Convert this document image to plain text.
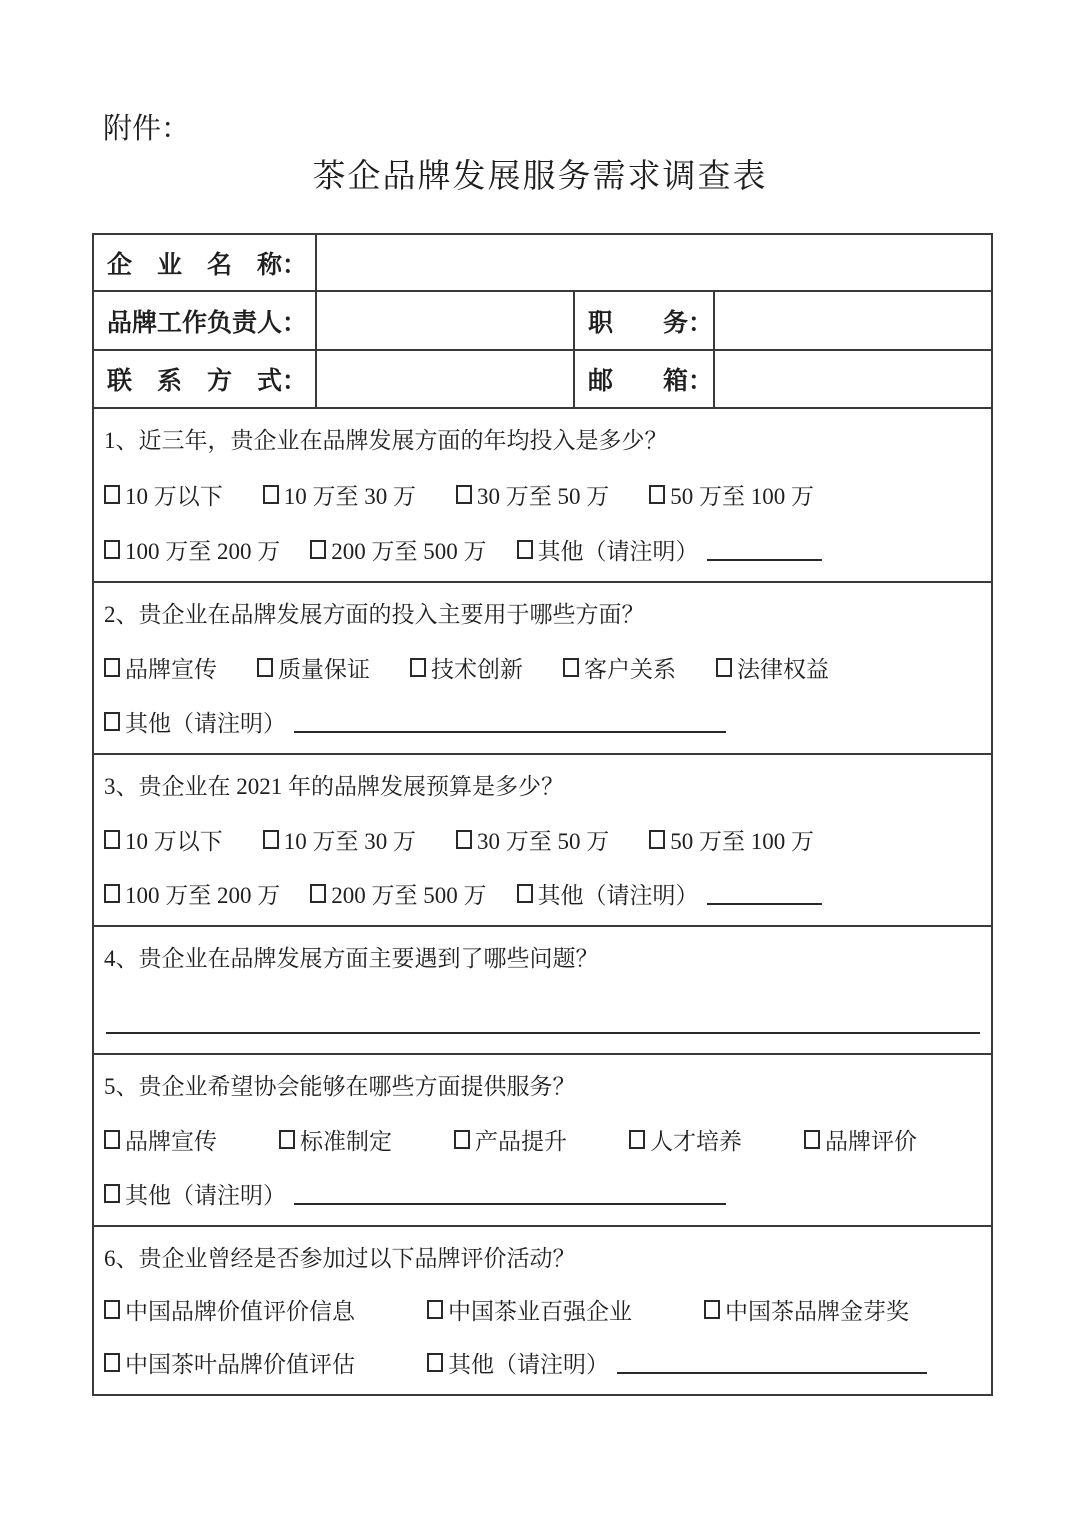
附件：
茶企品牌发展服务需求调查表
企　业　名　称：
品牌工作负责人：	职　　务：
联　系　方　式：	邮　　箱：
1、近三年，贵企业在品牌发展方面的年均投入是多少？
10 万以下	10 万至 30 万	30 万至 50 万	50 万至 100 万
100 万至 200 万 200 万至 500 万 其他（请注明）
2、贵企业在品牌发展方面的投入主要用于哪些方面？
品牌宣传	质量保证	技术创新	客户关系	法律权益
其他（请注明）
3、贵企业在 2021 年的品牌发展预算是多少？
10 万以下	10 万至 30 万	30 万至 50 万	50 万至 100 万
100 万至 200 万 200 万至 500 万 其他（请注明）
4、贵企业在品牌发展方面主要遇到了哪些问题？
5、贵企业希望协会能够在哪些方面提供服务？
品牌宣传	标准制定	产品提升	人才培养	品牌评价
其他（请注明）
6、贵企业曾经是否参加过以下品牌评价活动？
中国品牌价值评价信息	中国茶业百强企业	中国茶品牌金芽奖
中国茶叶品牌价值评估	其他（请注明）
